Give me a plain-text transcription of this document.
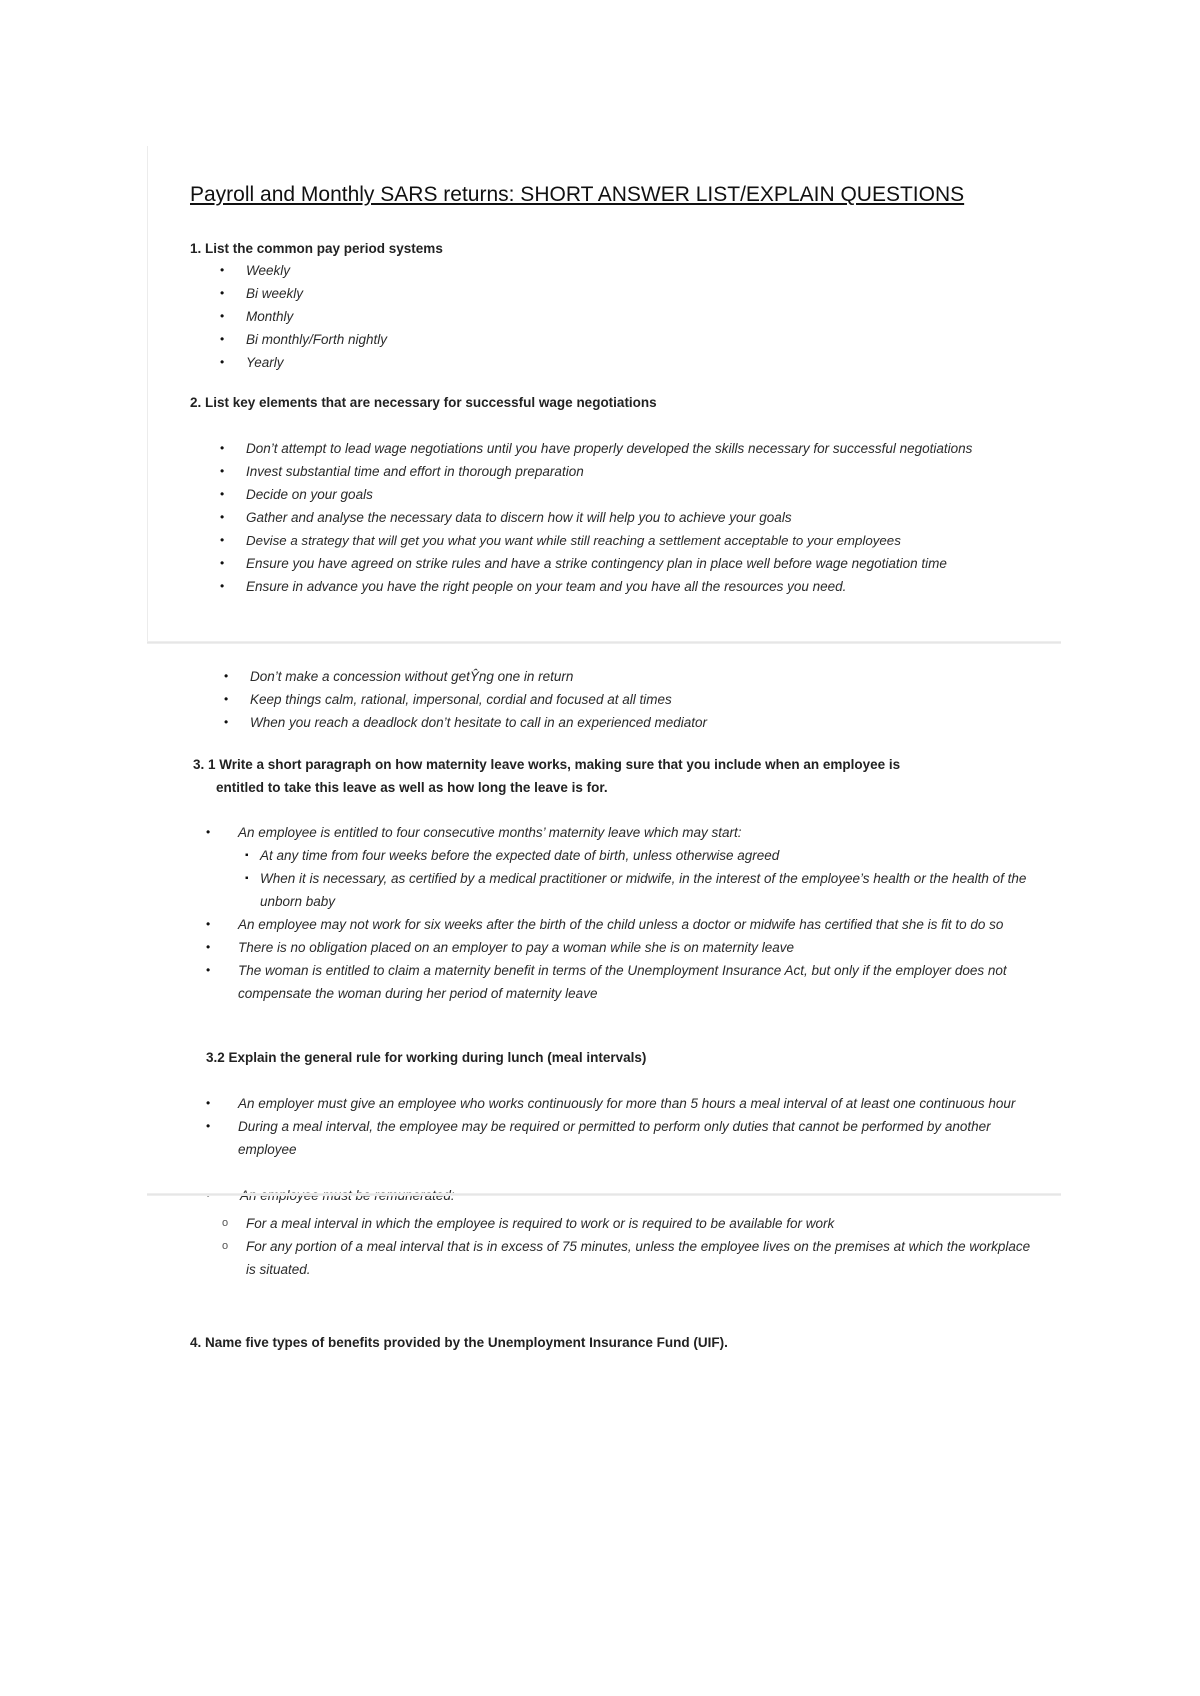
Payroll and Monthly SARS returns: SHORT ANSWER LIST/EXPLAIN QUESTIONS
1. List the common pay period systems
• Weekly
• Bi weekly
• Monthly
• Bi monthly/Forth nightly
• Yearly
2. List key elements that are necessary for successful wage negotiations
• Don’t attempt to lead wage negotiations until you have properly developed the skills necessary for successful negotiations
• Invest substantial time and effort in thorough preparation
• Decide on your goals
• Gather and analyse the necessary data to discern how it will help you to achieve your goals
• Devise a strategy that will get you what you want while still reaching a settlement acceptable to your employees
• Ensure you have agreed on strike rules and have a strike contingency plan in place well before wage negotiation time
• Ensure in advance you have the right people on your team and you have all the resources you need.
• Don’t make a concession without getŶng one in return
• Keep things calm, rational, impersonal, cordial and focused at all times
• When you reach a deadlock don’t hesitate to call in an experienced mediator
3. 1 Write a short paragraph on how maternity leave works, making sure that you include when an employee is
entitled to take this leave as well as how long the leave is for.
• An employee is entitled to four consecutive months’ maternity leave which may start:
▪ At any time from four weeks before the expected date of birth, unless otherwise agreed
▪ When it is necessary, as certified by a medical practitioner or midwife, in the interest of the employee’s health or the health of the unborn baby
• An employee may not work for six weeks after the birth of the child unless a doctor or midwife has certified that she is fit to do so
• There is no obligation placed on an employer to pay a woman while she is on maternity leave
• The woman is entitled to claim a maternity benefit in terms of the Unemployment Insurance Act, but only if the employer does not compensate the woman during her period of maternity leave
3.2 Explain the general rule for working during lunch (meal intervals)
• An employer must give an employee who works continuously for more than 5 hours a meal interval of at least one continuous hour
• During a meal interval, the employee may be required or permitted to perform only duties that cannot be performed by another employee
o For a meal interval in which the employee is required to work or is required to be available for work
o For any portion of a meal interval that is in excess of 75 minutes, unless the employee lives on the premises at which the workplace is situated.
4. Name five types of benefits provided by the Unemployment Insurance Fund (UIF).
